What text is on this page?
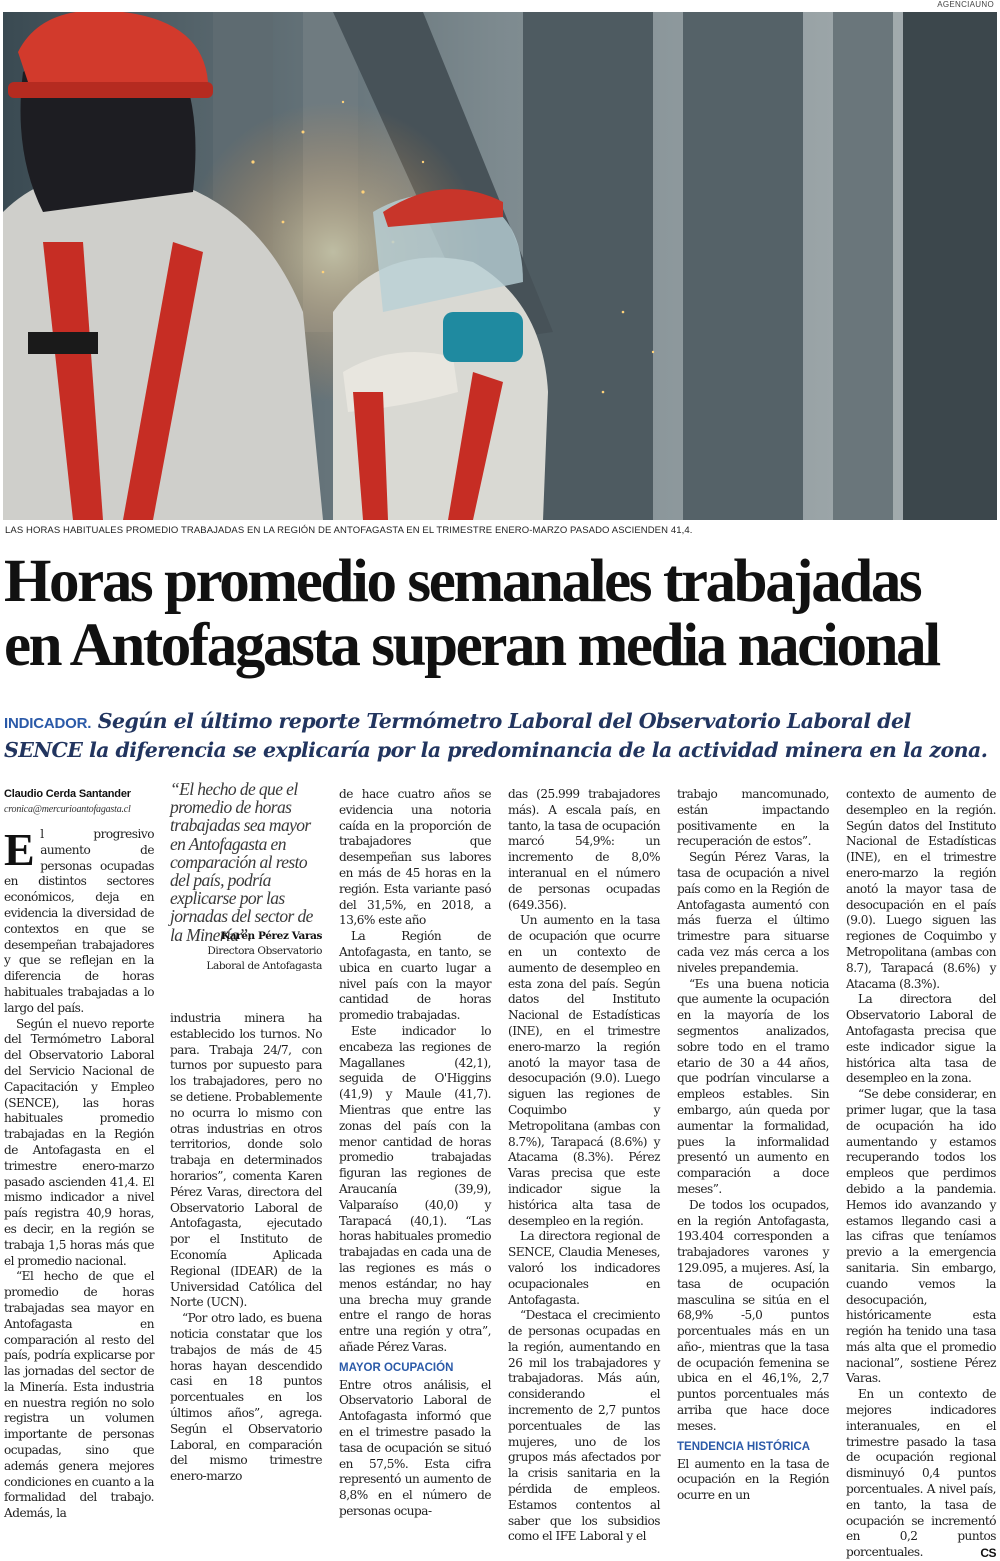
AGENCIAUNO
LAS HORAS HABITUALES PROMEDIO TRABAJADAS EN LA REGIÓN DE ANTOFAGASTA EN EL TRIMESTRE ENERO-MARZO PASADO ASCIENDEN 41,4.
Horas promedio semanales trabajadas
en Antofagasta superan media nacional
INDICADOR. Según el último reporte Termómetro Laboral del Observatorio Laboral del SENCE la diferencia se explicaría por la predominancia de la actividad minera en la zona.
Claudio Cerda Santander
cronica@mercurioantofagasta.cl

El progresivo aumento de personas ocupadas en distintos sectores económicos, deja en evidencia la diversidad de contextos en que se desempeñan trabajadores y que se reflejan en la diferencia de horas habituales trabajadas a lo largo del país.

Según el nuevo reporte del Termómetro Laboral del Observatorio Laboral del Servicio Nacional de Capacitación y Empleo (SENCE), las horas habituales promedio trabajadas en la Región de Antofagasta en el trimestre enero-marzo pasado ascienden 41,4. El mismo indicador a nivel país registra 40,9 horas, es decir, en la región se trabaja 1,5 horas más que el promedio nacional.

“El hecho de que el promedio de horas trabajadas sea mayor en Antofagasta en comparación al resto del país, podría explicarse por las jornadas del sector de la Minería. Esta industria en nuestra región no solo registra un volumen importante de personas ocupadas, sino que además genera mejores condiciones en cuanto a la formalidad del trabajo. Además, la

“El hecho de que el promedio de horas trabajadas sea mayor en Antofagasta en comparación al resto del país, podría explicarse por las jornadas del sector de la Minería”.
Karen Pérez Varas
Directora Observatorio Laboral de Antofagasta

industria minera ha establecido los turnos. No para. Trabaja 24/7, con turnos por supuesto para los trabajadores, pero no se detiene. Probablemente no ocurra lo mismo con otras industrias en otros territorios, donde solo trabaja en determinados horarios”, comenta Karen Pérez Varas, directora del Observatorio Laboral de Antofagasta, ejecutado por el Instituto de Economía Aplicada Regional (IDEAR) de la Universidad Católica del Norte (UCN).

“Por otro lado, es buena noticia constatar que los trabajos de más de 45 horas hayan descendido casi en 18 puntos porcentuales en los últimos años”, agrega. Según el Observatorio Laboral, en comparación del mismo trimestre enero-marzo

de hace cuatro años se evidencia una notoria caída en la proporción de trabajadores que desempeñan sus labores en más de 45 horas en la región. Esta variante pasó del 31,5%, en 2018, a 13,6% este año

La Región de Antofagasta, en tanto, se ubica en cuarto lugar a nivel país con la mayor cantidad de horas promedio trabajadas.

Este indicador lo encabeza las regiones de Magallanes (42,1), seguida de O'Higgins (41,9) y Maule (41,7). Mientras que entre las zonas del país con la menor cantidad de horas promedio trabajadas figuran las regiones de Araucanía (39,9), Valparaíso (40,0) y Tarapacá (40,1). “Las horas habituales promedio trabajadas en cada una de las regiones es más o menos estándar, no hay una brecha muy grande entre el rango de horas entre una región y otra”, añade Pérez Varas.

MAYOR OCUPACIÓN

Entre otros análisis, el Observatorio Laboral de Antofagasta informó que en el trimestre pasado la tasa de ocupación se situó en 57,5%. Esta cifra representó un aumento de 8,8% en el número de personas ocupa-

das (25.999 trabajadores más). A escala país, en tanto, la tasa de ocupación marcó 54,9%: un incremento de 8,0% interanual en el número de personas ocupadas (649.356).

Un aumento en la tasa de ocupación que ocurre en un contexto de aumento de desempleo en esta zona del país. Según datos del Instituto Nacional de Estadísticas (INE), en el trimestre enero-marzo la región anotó la mayor tasa de desocupación (9.0). Luego siguen las regiones de Coquimbo y Metropolitana (ambas con 8.7%), Tarapacá (8.6%) y Atacama (8.3%). Pérez Varas precisa que este indicador sigue la histórica alta tasa de desempleo en la región.

La directora regional de SENCE, Claudia Meneses, valoró los indicadores ocupacionales en Antofagasta.

“Destaca el crecimiento de personas ocupadas en la región, aumentando en 26 mil los trabajadores y trabajadoras. Más aún, considerando el incremento de 2,7 puntos porcentuales de las mujeres, uno de los grupos más afectados por la crisis sanitaria en la pérdida de empleos. Estamos contentos al saber que los subsidios como el IFE Laboral y el

trabajo mancomunado, están impactando positivamente en la recuperación de estos”.

Según Pérez Varas, la tasa de ocupación a nivel país como en la Región de Antofagasta aumentó con más fuerza el último trimestre para situarse cada vez más cerca a los niveles prepandemia.

“Es una buena noticia que aumente la ocupación en la mayoría de los segmentos analizados, sobre todo en el tramo etario de 30 a 44 años, que podrían vincularse a empleos estables. Sin embargo, aún queda por aumentar la formalidad, pues la informalidad presentó un aumento en comparación a doce meses”.

De todos los ocupados, en la región Antofagasta, 193.404 corresponden a trabajadores varones y 129.095, a mujeres. Así, la tasa de ocupación masculina se sitúa en el 68,9% -5,0 puntos porcentuales más en un año-, mientras que la tasa de ocupación femenina se ubica en el 46,1%, 2,7 puntos porcentuales más arriba que hace doce meses.

TENDENCIA HISTÓRICA

El aumento en la tasa de ocupación en la Región ocurre en un

contexto de aumento de desempleo en la región. Según datos del Instituto Nacional de Estadísticas (INE), en el trimestre enero-marzo la región anotó la mayor tasa de desocupación en el país (9.0). Luego siguen las regiones de Coquimbo y Metropolitana (ambas con 8.7), Tarapacá (8.6%) y Atacama (8.3%).

La directora del Observatorio Laboral de Antofagasta precisa que este indicador sigue la histórica alta tasa de desempleo en la zona.

“Se debe considerar, en primer lugar, que la tasa de ocupación ha ido aumentando y estamos recuperando todos los empleos que perdimos debido a la pandemia. Hemos ido avanzando y estamos llegando casi a las cifras que teníamos previo a la emergencia sanitaria. Sin embargo, cuando vemos la desocupación, históricamente esta región ha tenido una tasa más alta que el promedio nacional”, sostiene Pérez Varas.

En un contexto de mejores indicadores interanuales, en el trimestre pasado la tasa de ocupación regional disminuyó 0,4 puntos porcentuales. A nivel país, en tanto, la tasa de ocupación se incrementó en 0,2 puntos porcentuales.	CS
